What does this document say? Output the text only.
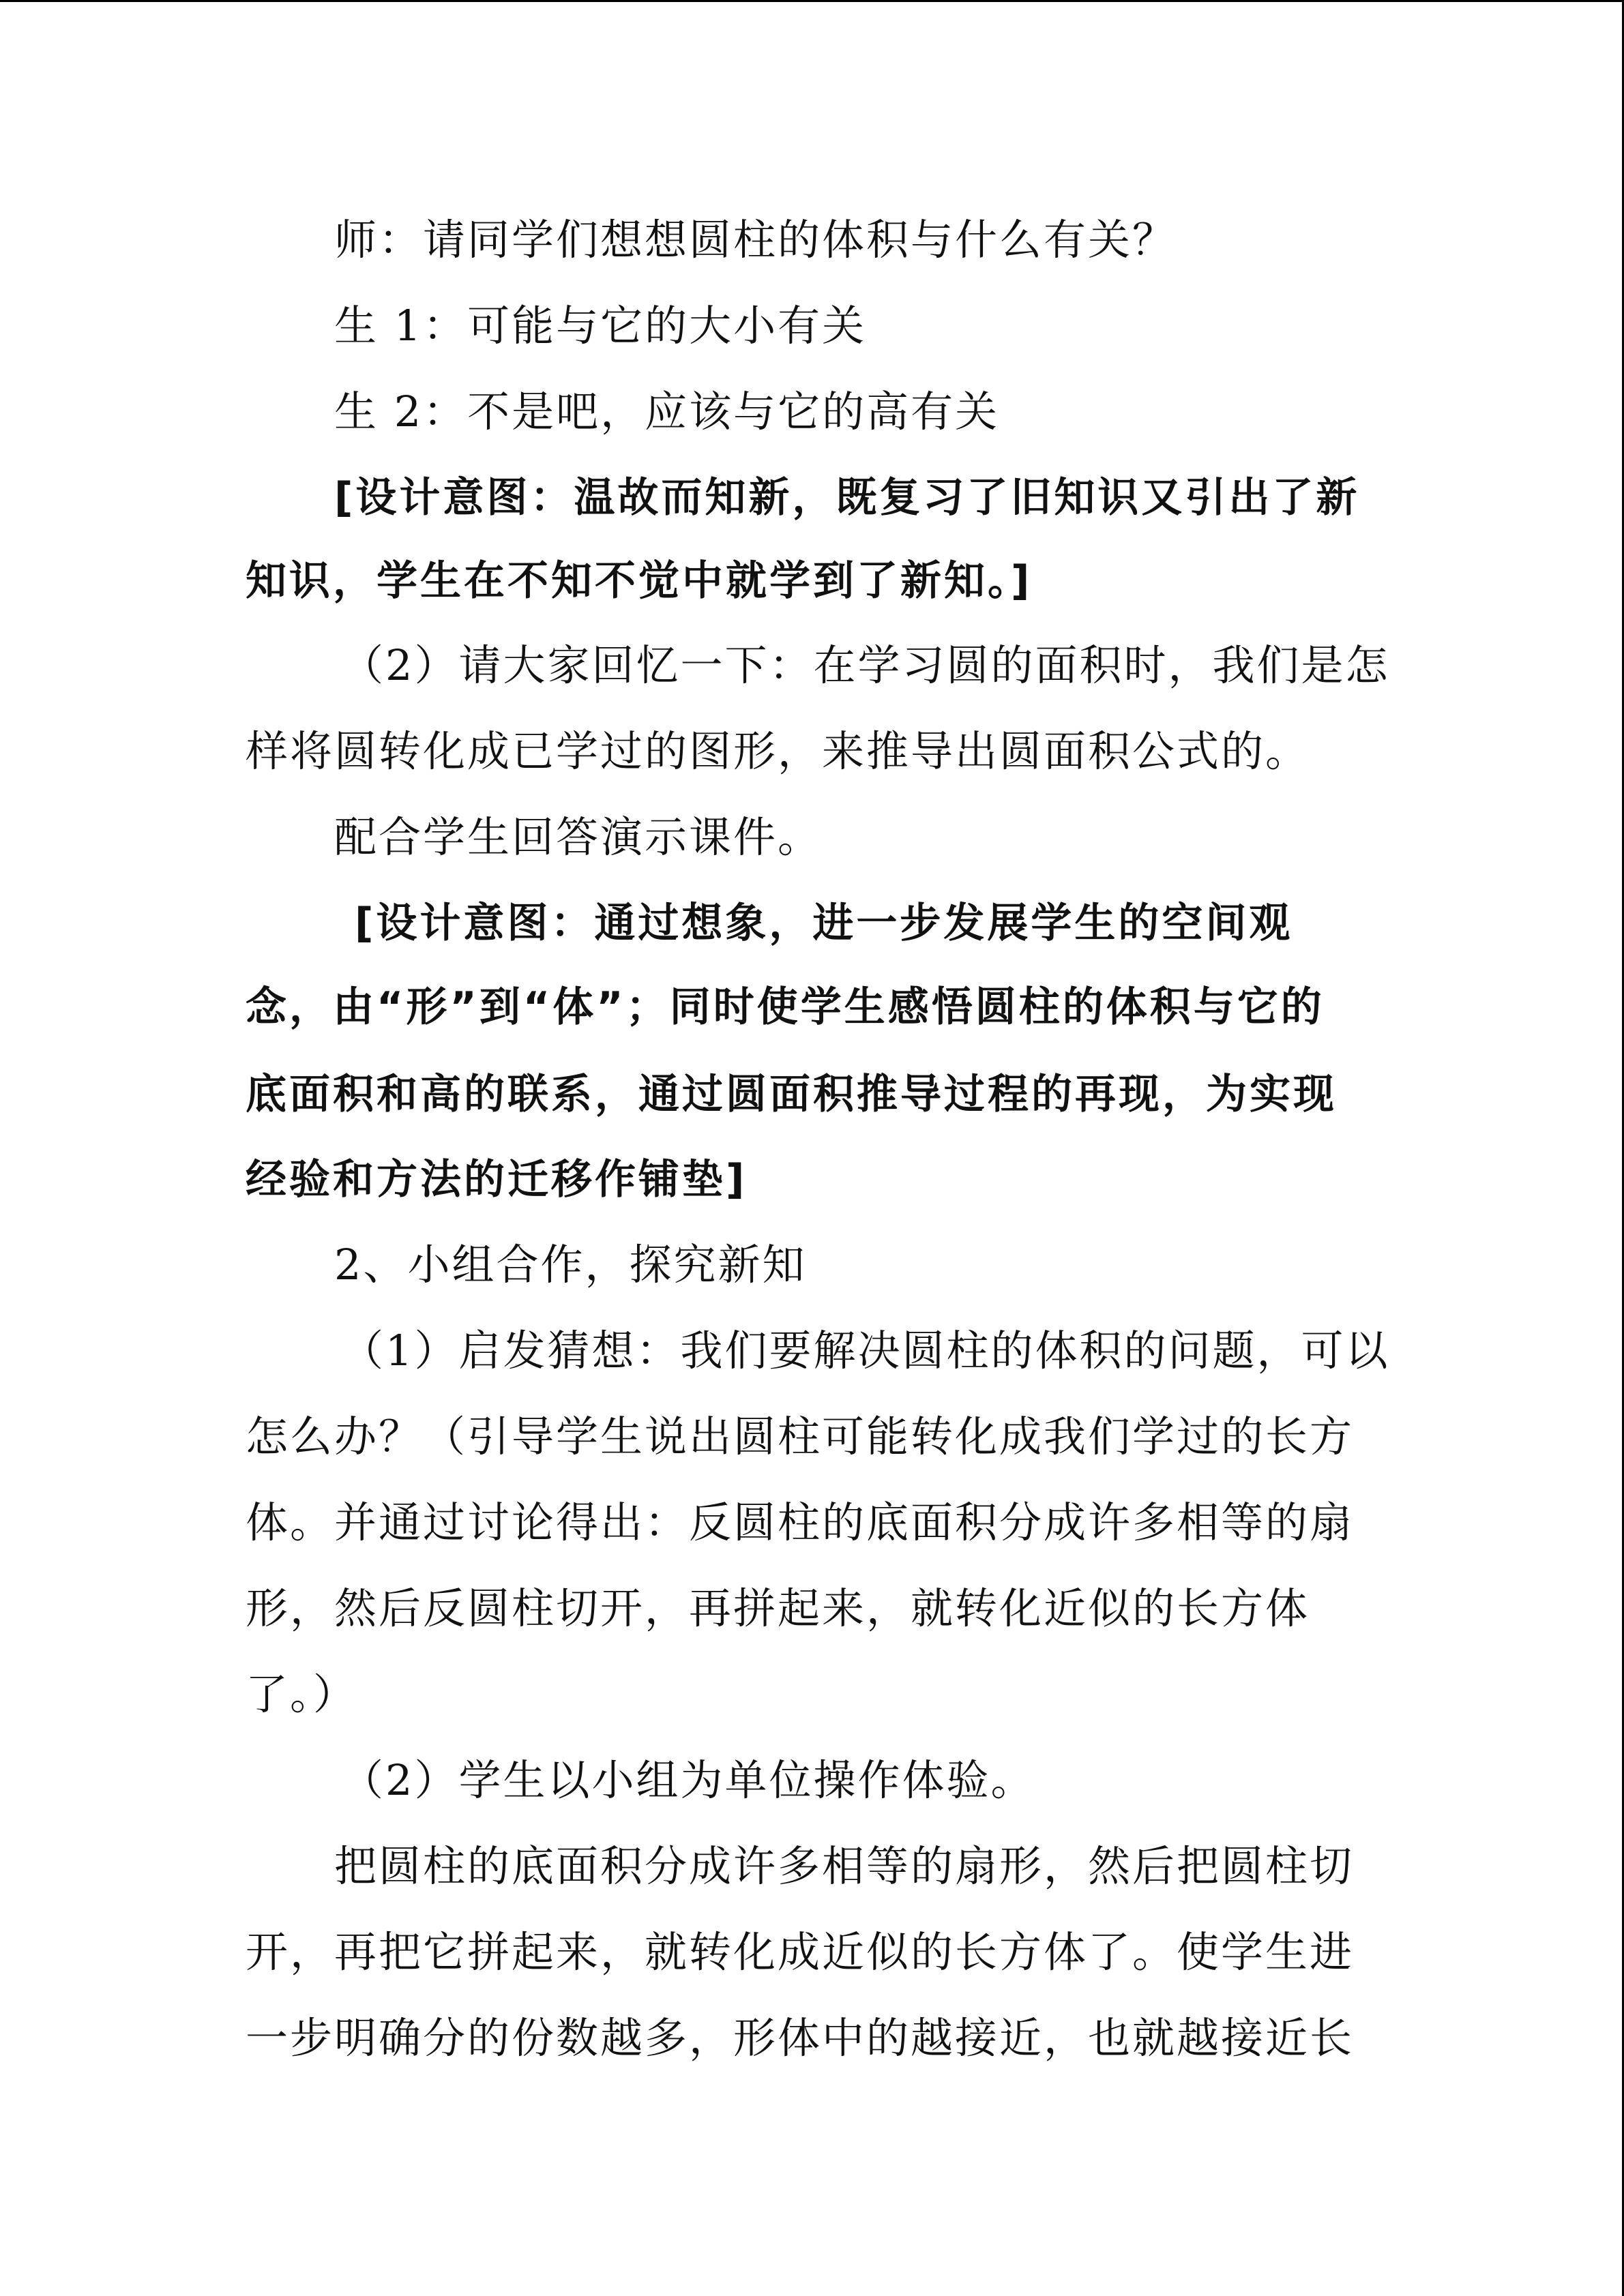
师：请同学们想想圆柱的体积与什么有关？
生 1：可能与它的大小有关
生 2：不是吧，应该与它的高有关
[设计意图：温故而知新，既复习了旧知识又引出了新
知识，学生在不知不觉中就学到了新知。]
（2）请大家回忆一下：在学习圆的面积时，我们是怎
样将圆转化成已学过的图形，来推导出圆面积公式的。
配合学生回答演示课件。
[设计意图：通过想象，进一步发展学生的空间观
念，由“形”到“体”；同时使学生感悟圆柱的体积与它的
底面积和高的联系，通过圆面积推导过程的再现，为实现
经验和方法的迁移作铺垫]
2、小组合作，探究新知
（1）启发猜想：我们要解决圆柱的体积的问题，可以
怎么办？（引导学生说出圆柱可能转化成我们学过的长方
体。并通过讨论得出：反圆柱的底面积分成许多相等的扇
形，然后反圆柱切开，再拼起来，就转化近似的长方体
了。）
（2）学生以小组为单位操作体验。
把圆柱的底面积分成许多相等的扇形，然后把圆柱切
开，再把它拼起来，就转化成近似的长方体了。使学生进
一步明确分的份数越多，形体中的越接近，也就越接近长
